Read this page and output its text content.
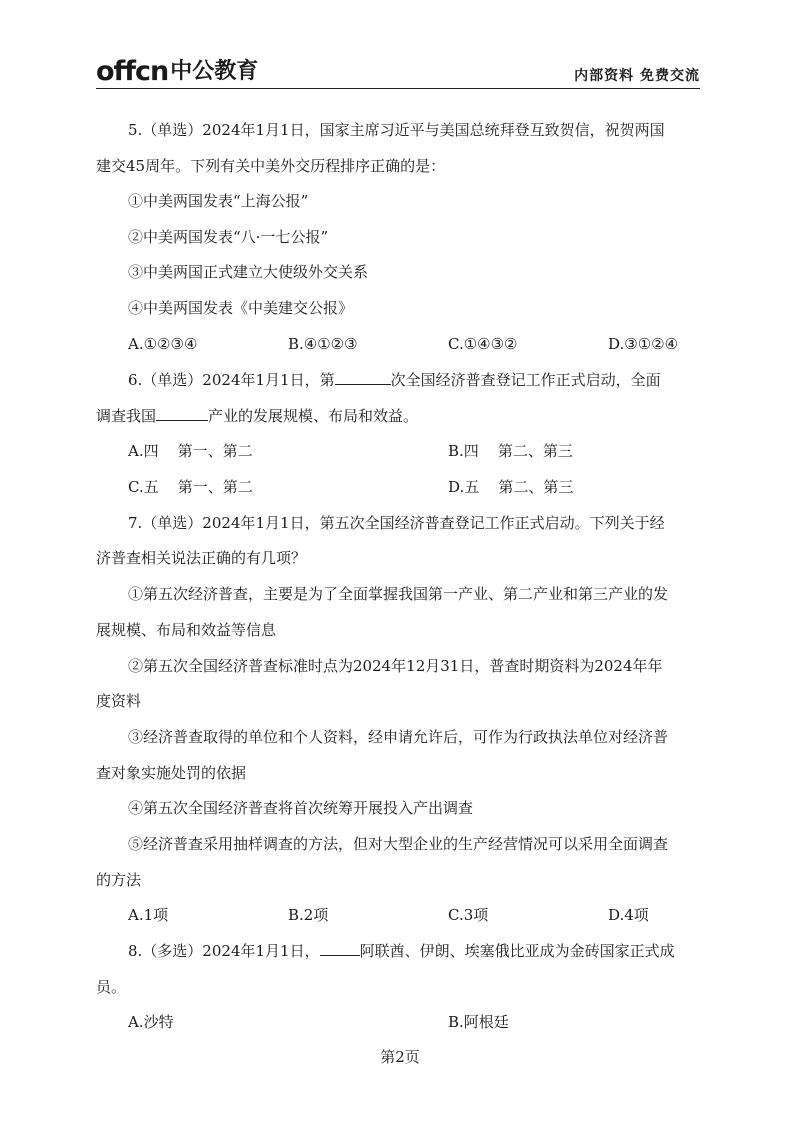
offcn 中公教育	内部资料 免费交流
5.（单选）2024年1月1日，国家主席习近平与美国总统拜登互致贺信，祝贺两国
建交45周年。下列有关中美外交历程排序正确的是：
①中美两国发表“上海公报”
②中美两国发表“八·一七公报”
③中美两国正式建立大使级外交关系
④中美两国发表《中美建交公报》
A.①②③④	B.④①②③	C.①④③②	D.③①②④
6.（单选）2024年1月1日，第	次全国经济普查登记工作正式启动，全面
调查我国	产业的发展规模、布局和效益。
A.四    第一、第二	B.四    第二、第三
C.五    第一、第二	D.五    第二、第三
7.（单选）2024年1月1日，第五次全国经济普查登记工作正式启动。下列关于经
济普查相关说法正确的有几项？
①第五次经济普查，主要是为了全面掌握我国第一产业、第二产业和第三产业的发
展规模、布局和效益等信息
②第五次全国经济普查标准时点为2024年12月31日，普查时期资料为2024年年
度资料
③经济普查取得的单位和个人资料，经申请允许后，可作为行政执法单位对经济普
查对象实施处罚的依据
④第五次全国经济普查将首次统筹开展投入产出调查
⑤经济普查采用抽样调查的方法，但对大型企业的生产经营情况可以采用全面调查
的方法
A.1项	B.2项	C.3项	D.4项
8.（多选）2024年1月1日，	阿联酋、伊朗、埃塞俄比亚成为金砖国家正式成
员。
A.沙特	B.阿根廷
第2页
